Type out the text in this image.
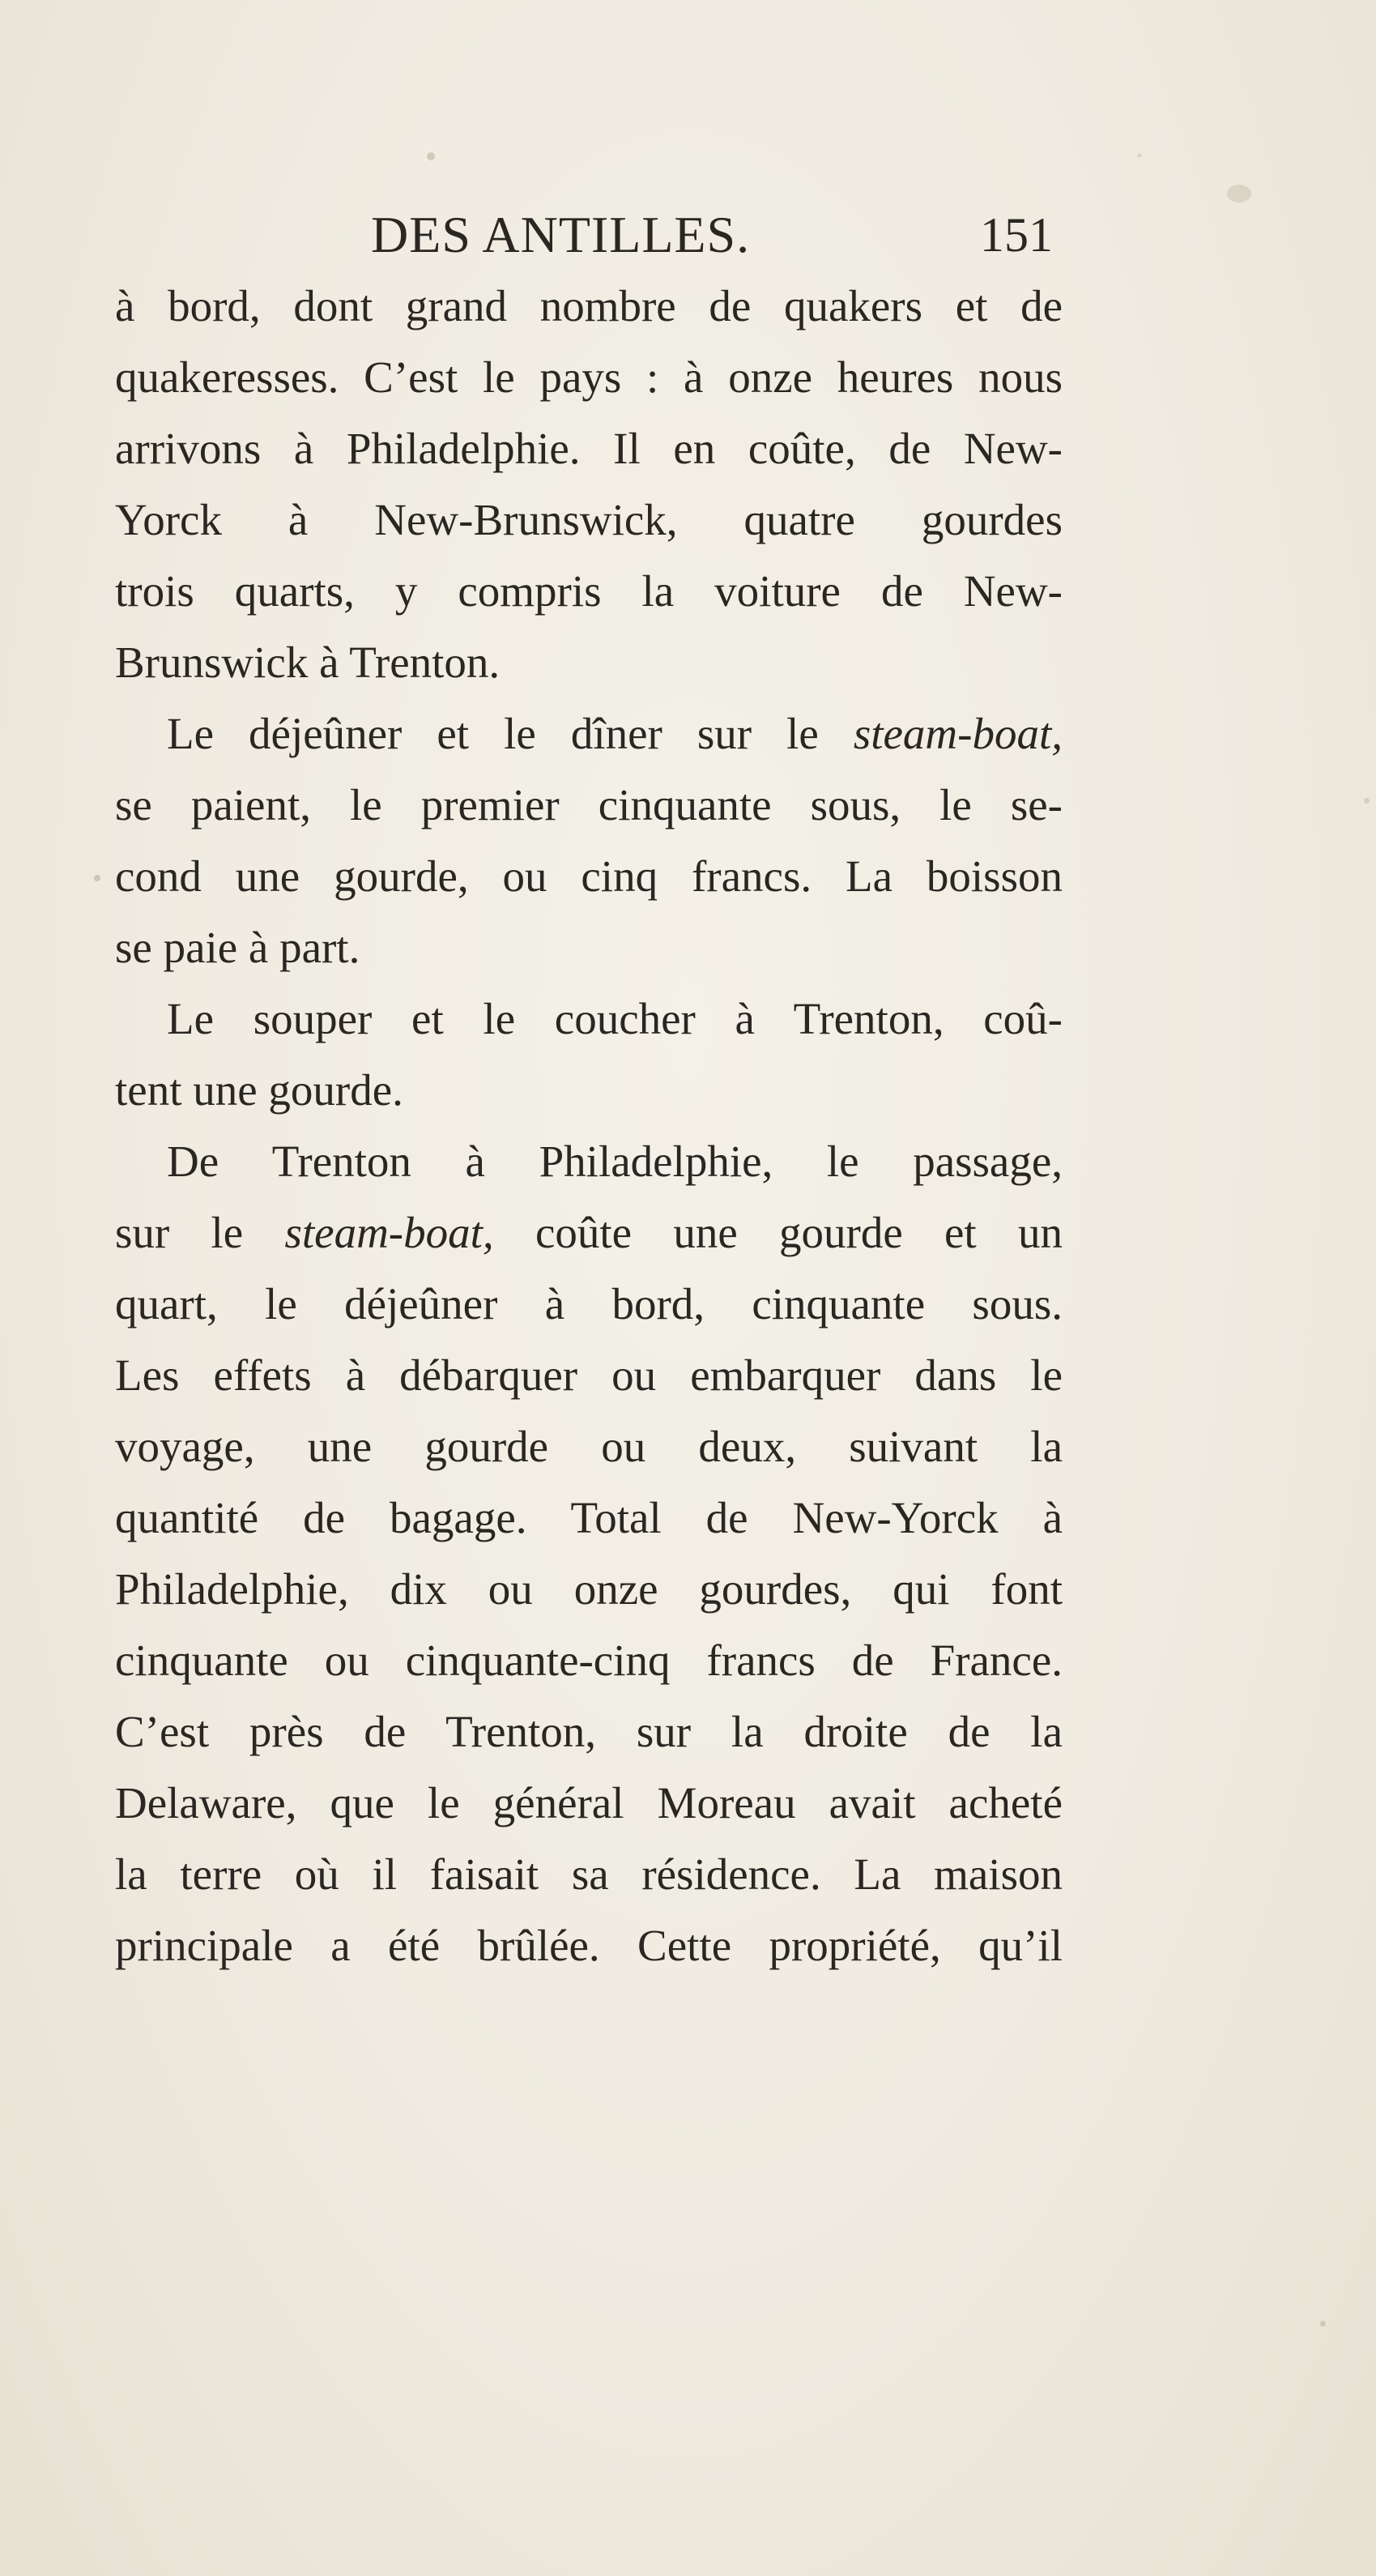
DES ANTILLES.	151
à bord, dont grand nombre de quakers et de
quakeresses. C’est le pays : à onze heures nous
arrivons à Philadelphie. Il en coûte, de New-
Yorck à New-Brunswick, quatre gourdes
trois quarts, y compris la voiture de New-
Brunswick à Trenton.
Le déjeûner et le dîner sur le steam-boat,
se paient, le premier cinquante sous, le se-
cond une gourde, ou cinq francs. La boisson
se paie à part.
Le souper et le coucher à Trenton, coû-
tent une gourde.
De Trenton à Philadelphie, le passage,
sur le steam-boat, coûte une gourde et un
quart, le déjeûner à bord, cinquante sous.
Les effets à débarquer ou embarquer dans le
voyage, une gourde ou deux, suivant la
quantité de bagage. Total de New-Yorck à
Philadelphie, dix ou onze gourdes, qui font
cinquante ou cinquante-cinq francs de France.
C’est près de Trenton, sur la droite de la
Delaware, que le général Moreau avait acheté
la terre où il faisait sa résidence. La maison
principale a été brûlée. Cette propriété, qu’il
